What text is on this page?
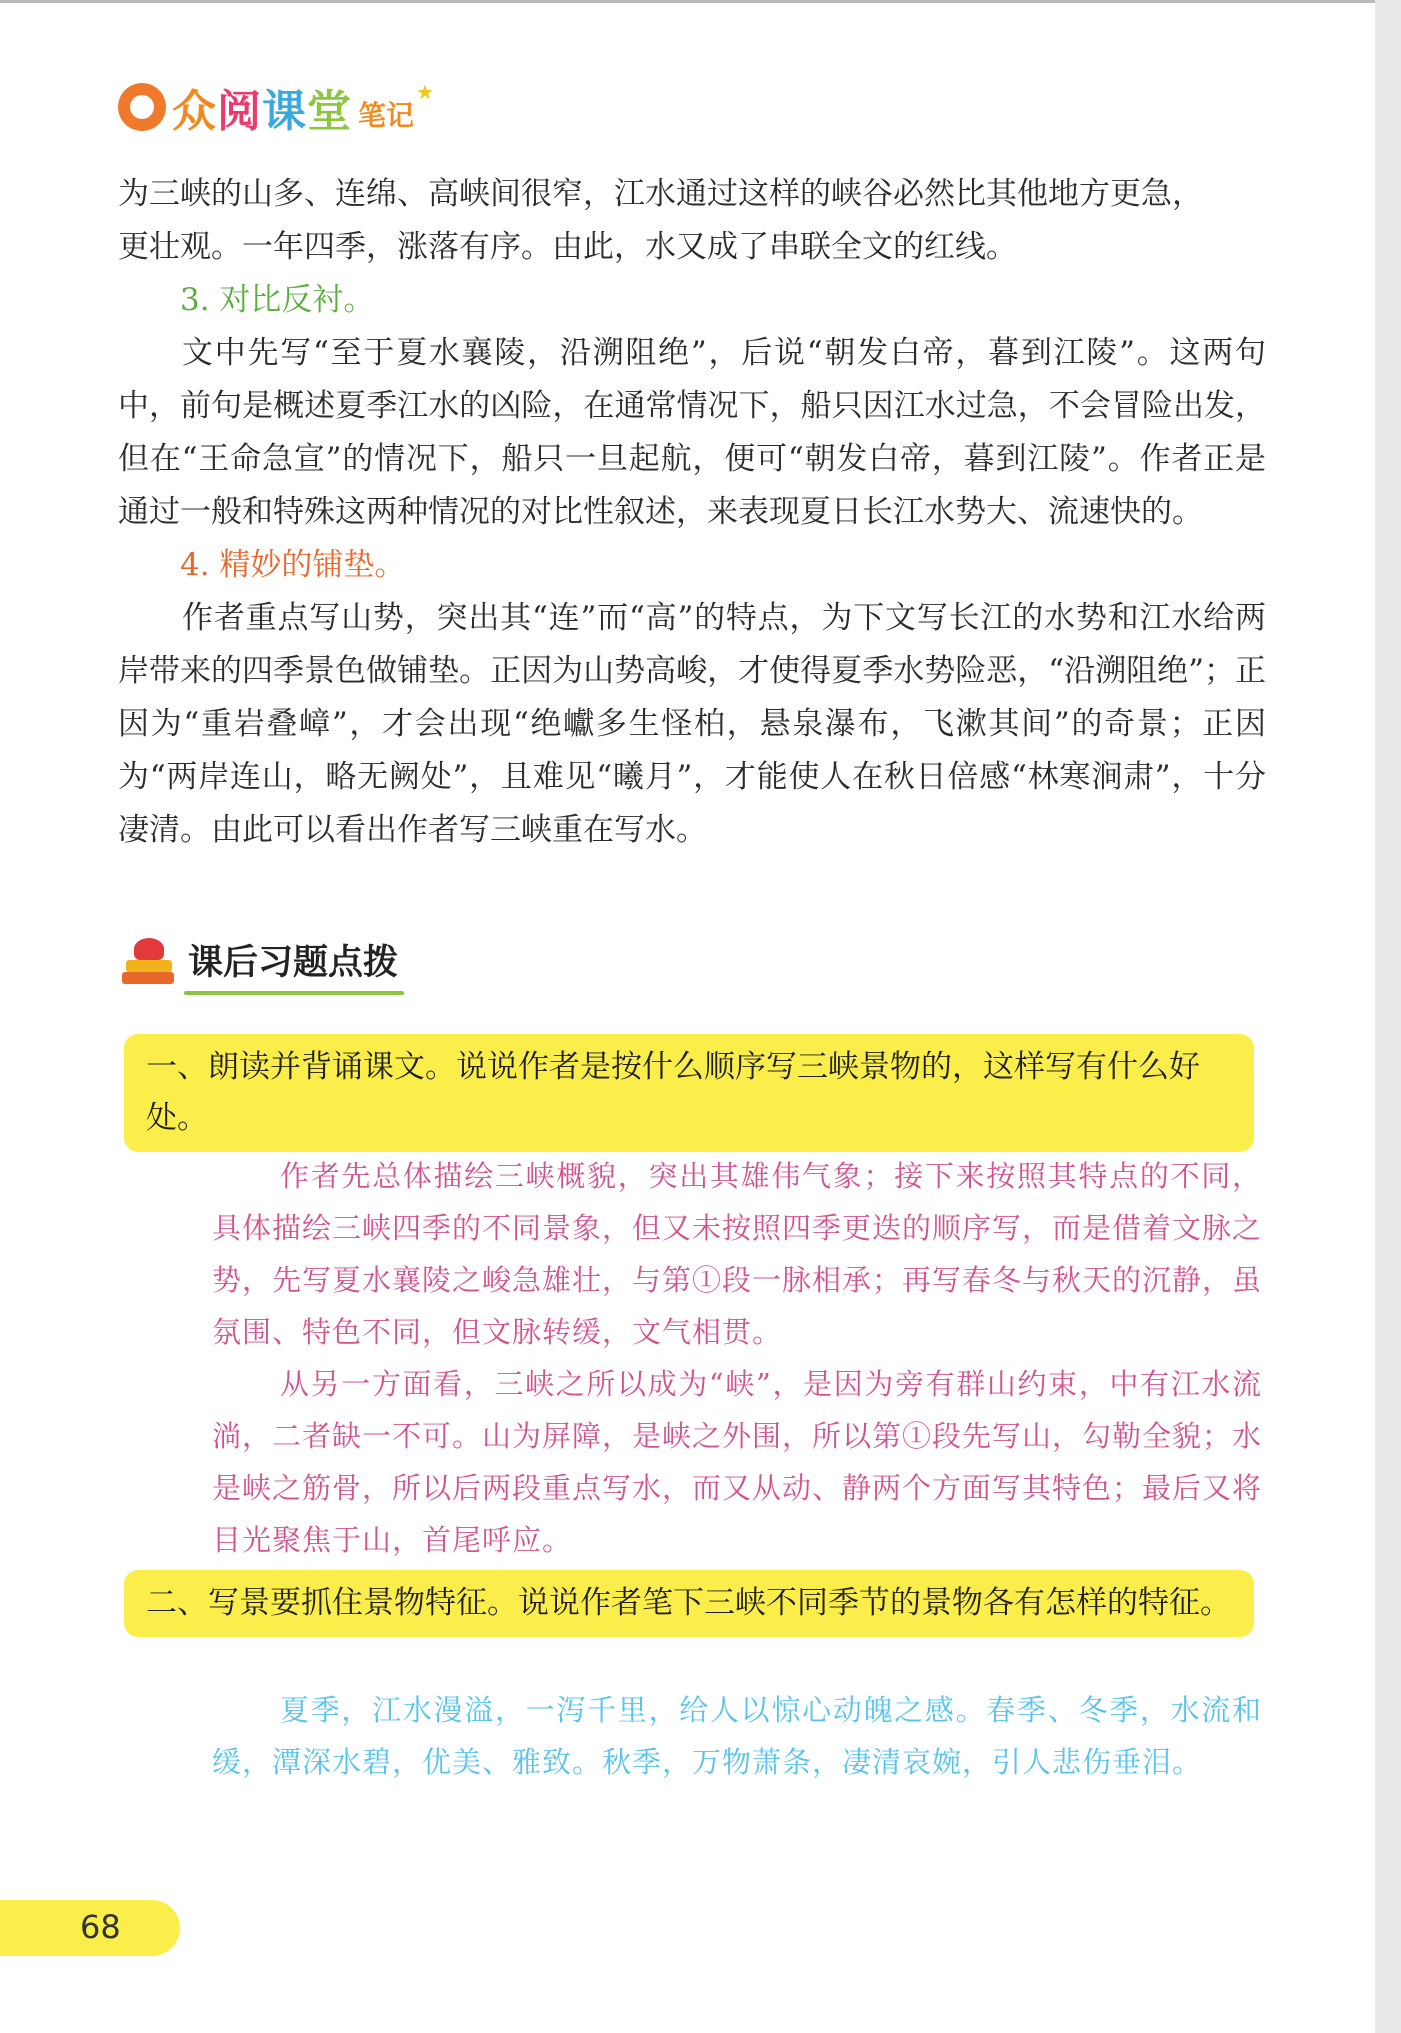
众阅课堂 笔记
★

为三峡的山多、连绵、高峡间很窄，江水通过这样的峡谷必然比其他地方更急，

更壮观。一年四季，涨落有序。由此，水又成了串联全文的红线。

3. 对比反衬。

文中先写“至于夏水襄陵，沿溯阻绝”，后说“朝发白帝，暮到江陵”。这两句中，前句是概述夏季江水的凶险，在通常情况下，船只因江水过急，不会冒险出发，但在“王命急宣”的情况下，船只一旦起航，便可“朝发白帝，暮到江陵”。作者正是通过一般和特殊这两种情况的对比性叙述，来表现夏日长江水势大、流速快的。

4. 精妙的铺垫。

作者重点写山势，突出其“连”而“高”的特点，为下文写长江的水势和江水给两岸带来的四季景色做铺垫。正因为山势高峻，才使得夏季水势险恶，“沿溯阻绝”；正因为“重岩叠嶂”，才会出现“绝巘多生怪柏，悬泉瀑布，飞漱其间”的奇景；正因为“两岸连山，略无阙处”，且难见“曦月”，才能使人在秋日倍感“林寒涧肃”，十分凄清。由此可以看出作者写三峡重在写水。

课后习题点拨
一、朗读并背诵课文。说说作者是按什么顺序写三峡景物的，这样写有什么好处。

作者先总体描绘三峡概貌，突出其雄伟气象；接下来按照其特点的不同，具体描绘三峡四季的不同景象，但又未按照四季更迭的顺序写，而是借着文脉之势，先写夏水襄陵之峻急雄壮，与第①段一脉相承；再写春冬与秋天的沉静，虽氛围、特色不同，但文脉转缓，文气相贯。

从另一方面看，三峡之所以成为“峡”，是因为旁有群山约束，中有江水流淌，二者缺一不可。山为屏障，是峡之外围，所以第①段先写山，勾勒全貌；水是峡之筋骨，所以后两段重点写水，而又从动、静两个方面写其特色；最后又将目光聚焦于山，首尾呼应。

二、写景要抓住景物特征。说说作者笔下三峡不同季节的景物各有怎样的特征。

夏季，江水漫溢，一泻千里，给人以惊心动魄之感。春季、冬季，水流和缓，潭深水碧，优美、雅致。秋季，万物萧条，凄清哀婉，引人悲伤垂泪。

68
